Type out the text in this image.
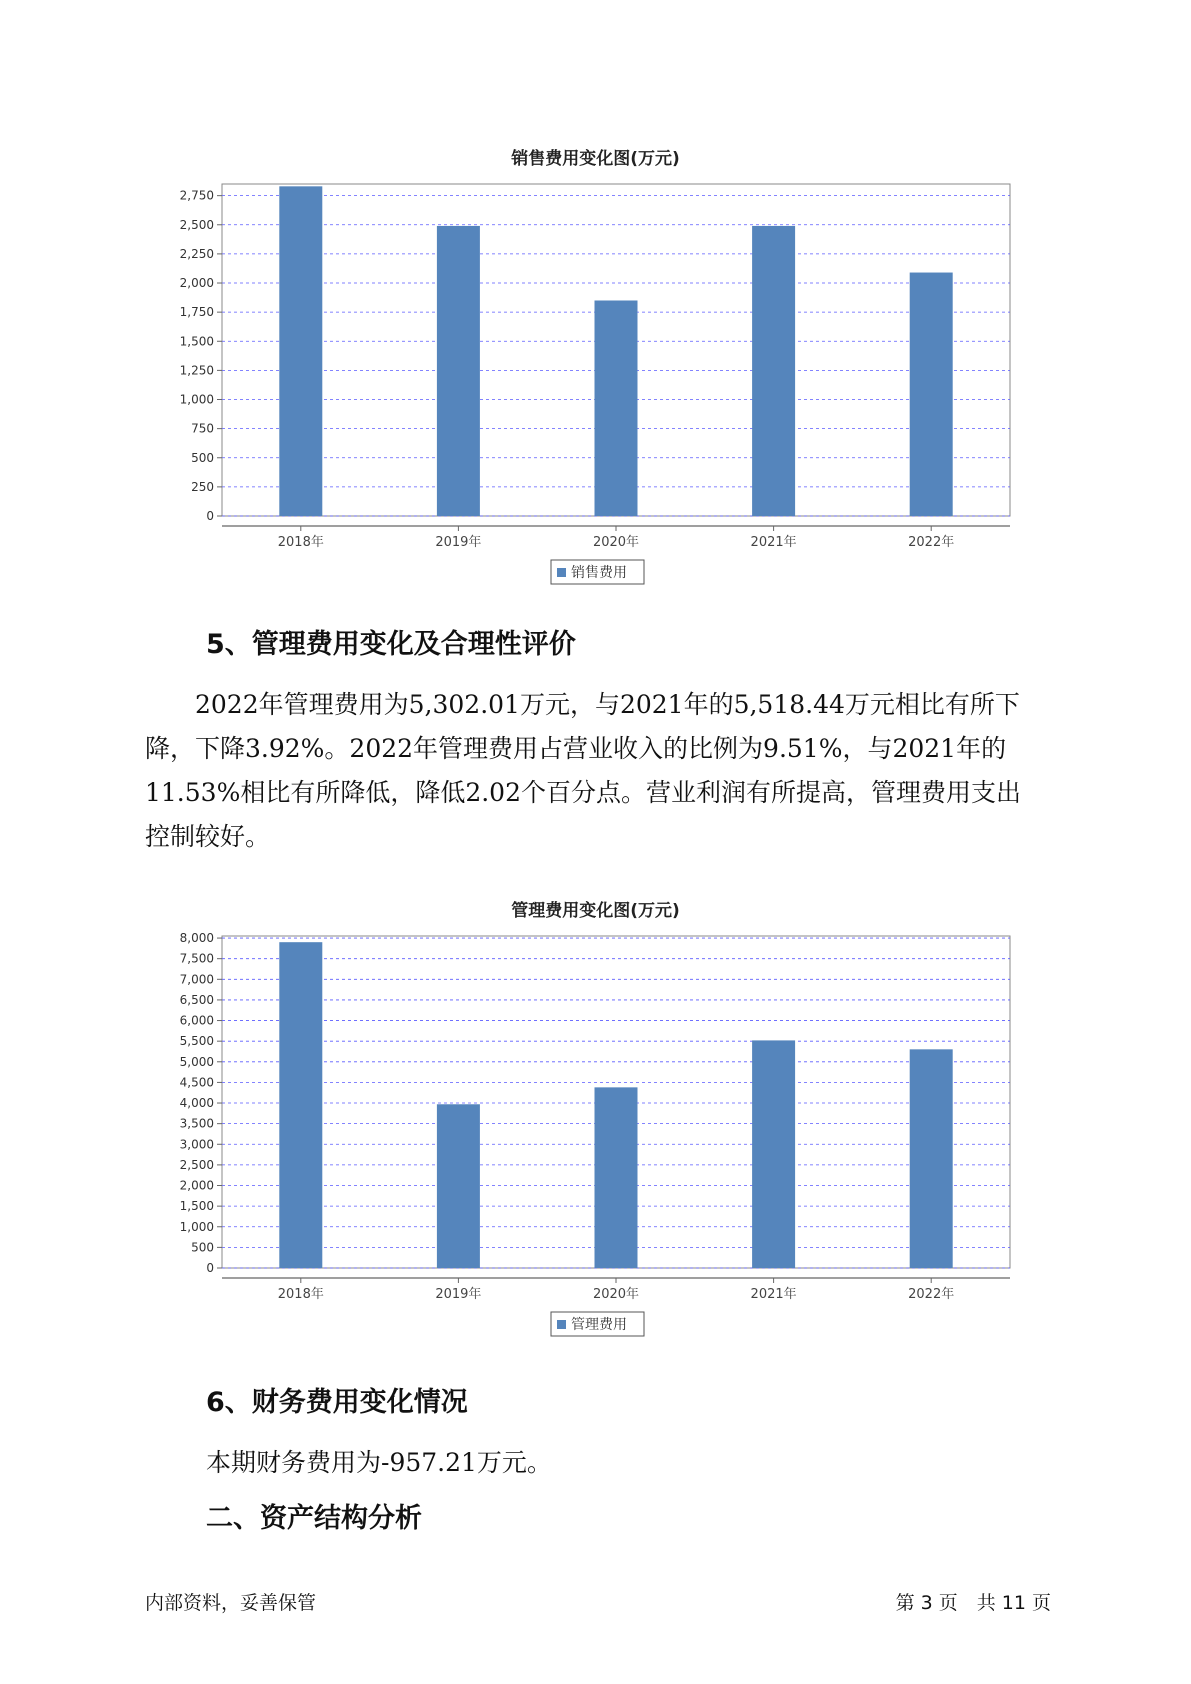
销售费用变化图(万元)
0
250
500
750
1,000
1,250
1,500
1,750
2,000
2,250
2,500
2,750
2018年	2019年	2020年	2021年	2022年
销售费用
5、管理费用变化及合理性评价

2022年管理费用为5,302.01万元，与2021年的5,518.44万元相比有所下降，下降3.92%。2022年管理费用占营业收入的比例为9.51%，与2021年的11.53%相比有所降低，降低2.02个百分点。营业利润有所提高，管理费用支出控制较好。

管理费用变化图(万元)
0
500
1,000
1,500
2,000
2,500
3,000
3,500
4,000
4,500
5,000
5,500
6,000
6,500
7,000
7,500
8,000
2018年	2019年	2020年	2021年	2022年
管理费用
6、财务费用变化情况
本期财务费用为-957.21万元。
二、资产结构分析
内部资料，妥善保管	第 3 页　共 11 页
